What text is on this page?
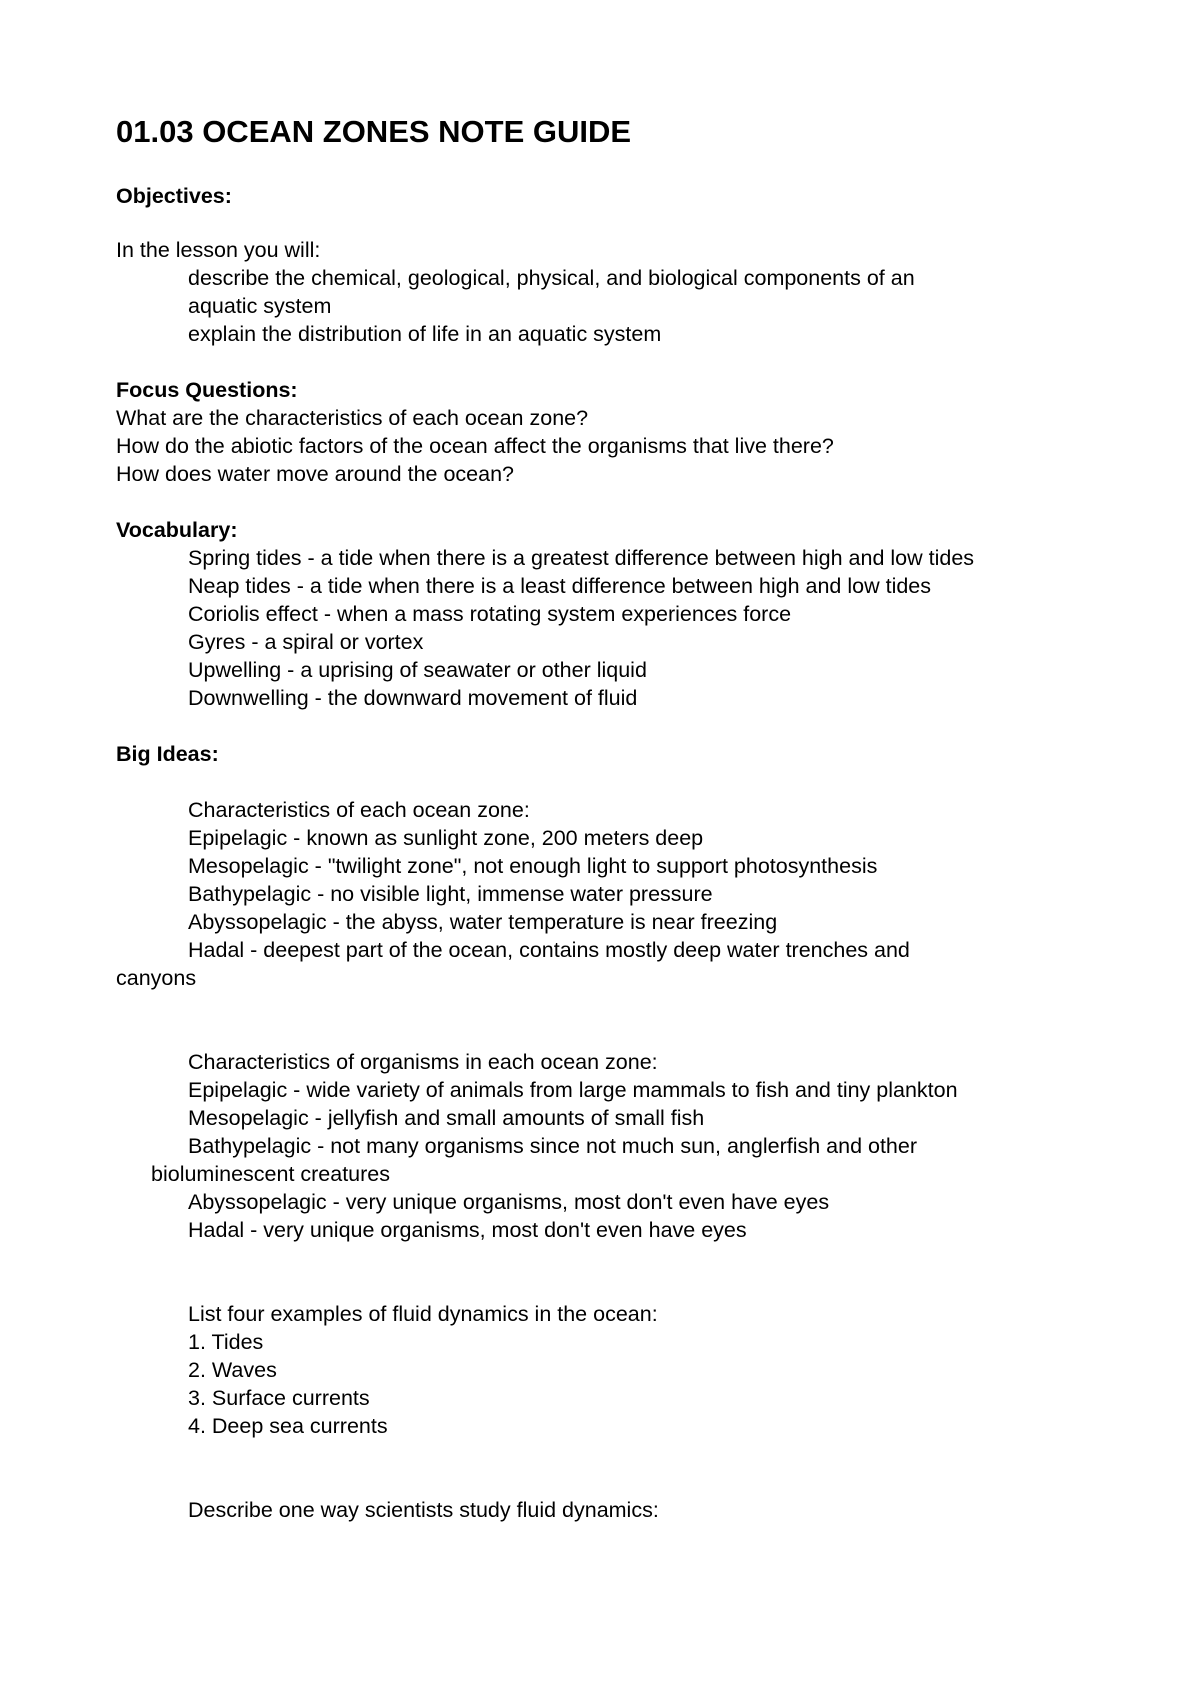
01.03 OCEAN ZONES NOTE GUIDE
Objectives:
In the lesson you will:
describe the chemical, geological, physical, and biological components of an
aquatic system
explain the distribution of life in an aquatic system
Focus Questions:
What are the characteristics of each ocean zone?
How do the abiotic factors of the ocean affect the organisms that live there?
How does water move around the ocean?
Vocabulary:
Spring tides - a tide when there is a greatest difference between high and low tides
Neap tides - a tide when there is a least difference between high and low tides
Coriolis effect - when a mass rotating system experiences force
Gyres - a spiral or vortex
Upwelling - a uprising of seawater or other liquid
Downwelling - the downward movement of fluid
Big Ideas:
Characteristics of each ocean zone:
Epipelagic - known as sunlight zone, 200 meters deep
Mesopelagic - "twilight zone", not enough light to support photosynthesis
Bathypelagic - no visible light, immense water pressure
Abyssopelagic - the abyss, water temperature is near freezing
Hadal - deepest part of the ocean, contains mostly deep water trenches and
canyons
Characteristics of organisms in each ocean zone:
Epipelagic - wide variety of animals from large mammals to fish and tiny plankton
Mesopelagic - jellyfish and small amounts of small fish
Bathypelagic - not many organisms since not much sun, anglerfish and other
bioluminescent creatures
Abyssopelagic - very unique organisms, most don't even have eyes
Hadal - very unique organisms, most don't even have eyes
List four examples of fluid dynamics in the ocean:
1. Tides
2. Waves
3. Surface currents
4. Deep sea currents
Describe one way scientists study fluid dynamics:
